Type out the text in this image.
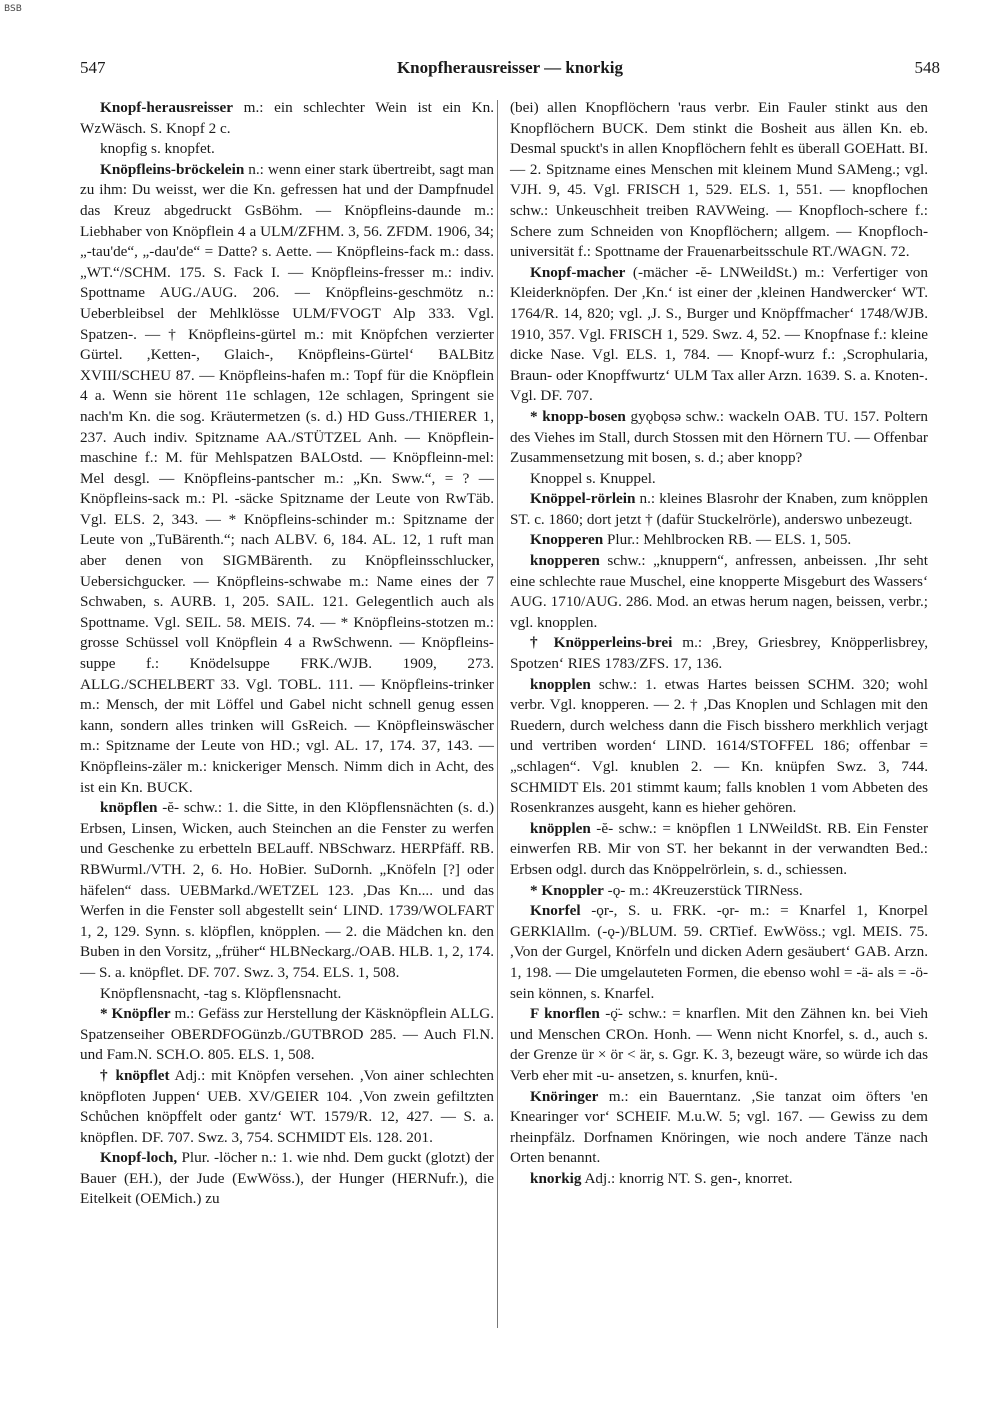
BSB
547	Knopfherausreisser — knorkig	548

Knopf-herausreisser m.: ein schlechter Wein ist ein Kn. WzWäsch. S. Knopf 2 c.

knopfig s. knopfet.

Knöpfleins-bröckelein n.: wenn einer stark übertreibt, sagt man zu ihm: Du weisst, wer die Kn. gefressen hat und der Dampfnudel das Kreuz abgedruckt GsBöhm. — Knöpfleins-daunde m.: Liebhaber von Knöpflein 4 a ULM/ZFHM. 3, 56. ZFDM. 1906, 34; „-tau'de“, „-dau'de“ = Datte? s. Aette. — Knöpfleins-fack m.: dass. „WT.“/SCHM. 175. S. Fack I. — Knöpfleins-fresser m.: indiv. Spottname AUG./AUG. 206. — Knöpfleins-geschmötz n.: Ueberbleibsel der Mehlklösse ULM/FVOGT Alp 333. Vgl. Spatzen-. — † Knöpfleins-gürtel m.: mit Knöpfchen verzierter Gürtel. ,Ketten-, Glaich-, Knöpfleins-Gürtel‘ BALBitz XVIII/SCHEU 87. — Knöpfleins-hafen m.: Topf für die Knöpflein 4 a. Wenn sie hörent 11e schlagen, 12e schlagen, Springent sie nach'm Kn. die sog. Kräutermetzen (s. d.) HD Guss./THIERER 1, 237. Auch indiv. Spitzname AA./STÜTZEL Anh. — Knöpflein-maschine f.: M. für Mehlspatzen BALOstd. — Knöpfleinn-mel: Mel desgl. — Knöpfleins-pantscher m.: „Kn. Sww.“, = ? — Knöpfleins-sack m.: Pl. -säcke Spitzname der Leute von RwTäb. Vgl. ELS. 2, 343. — * Knöpfleins-schinder m.: Spitzname der Leute von „TuBärenth.“; nach ALBV. 6, 184. AL. 12, 1 ruft man aber denen von SIGMBärenth. zu Knöpfleinsschlucker, Uebersichgucker. — Knöpfleins-schwabe m.: Name eines der 7 Schwaben, s. AURB. 1, 205. SAIL. 121. Gelegentlich auch als Spottname. Vgl. SEIL. 58. MEIS. 74. — * Knöpfleins-stotzen m.: grosse Schüssel voll Knöpflein 4 a RwSchwenn. — Knöpfleins-suppe f.: Knödelsuppe FRK./WJB. 1909, 273. ALLG./SCHELBERT 33. Vgl. TOBL. 111. — Knöpfleins-trinker m.: Mensch, der mit Löffel und Gabel nicht schnell genug essen kann, sondern alles trinken will GsReich. — Knöpfleinswäscher m.: Spitzname der Leute von HD.; vgl. AL. 17, 174. 37, 143. — Knöpfleins-zäler m.: knickeriger Mensch. Nimm dich in Acht, des ist ein Kn. BUCK.

knöpflen -ĕ- schw.: 1. die Sitte, in den Klöpflensnächten (s. d.) Erbsen, Linsen, Wicken, auch Steinchen an die Fenster zu werfen und Geschenke zu erbetteln BELauff. NBSchwarz. HERPfäff. RB. RBWurml./VTH. 2, 6. Ho. HoBier. SuDornh. „Knöfeln [?] oder häfelen“ dass. UEBMarkd./WETZEL 123. ,Das Kn.... und das Werfen in die Fenster soll abgestellt sein‘ LIND. 1739/WOLFART 1, 2, 129. Synn. s. klöpflen, knöpplen. — 2. die Mädchen kn. den Buben in den Vorsitz, „früher“ HLBNeckarg./OAB. HLB. 1, 2, 174. — S. a. knöpflet. DF. 707. Swz. 3, 754. ELS. 1, 508.

Knöpflensnacht, -tag s. Klöpflensnacht.

* Knöpfler m.: Gefäss zur Herstellung der Käsknöpflein ALLG. Spatzenseiher OBERDFOGünzb./GUTBROD 285. — Auch Fl.N. und Fam.N. SCH.O. 805. ELS. 1, 508.

† knöpflet Adj.: mit Knöpfen versehen. ,Von ainer schlechten knöpfloten Juppen‘ UEB. XV/GEIER 104. ,Von zwein gefiltzten Schůchen knöpffelt oder gantz‘ WT. 1579/R. 12, 427. — S. a. knöpflen. DF. 707. Swz. 3, 754. SCHMIDT Els. 128. 201.

Knopf-loch, Plur. -löcher n.: 1. wie nhd. Dem guckt (glotzt) der Bauer (EH.), der Jude (EwWöss.), der Hunger (HERNufr.), die Eitelkeit (OEMich.) zu

(bei) allen Knopflöchern 'raus verbr. Ein Fauler stinkt aus den Knopflöchern BUCK. Dem stinkt die Bosheit aus ällen Kn. eb. Desmal spuckt's in allen Knopflöchern fehlt es überall GOEHatt. BI. — 2. Spitzname eines Menschen mit kleinem Mund SAMeng.; vgl. VJH. 9, 45. Vgl. FRISCH 1, 529. ELS. 1, 551. — knopflochen schw.: Unkeuschheit treiben RAVWeing. — Knopfloch-schere f.: Schere zum Schneiden von Knopflöchern; allgem. — Knopfloch-universität f.: Spottname der Frauenarbeitsschule RT./WAGN. 72.

Knopf-macher (-mächer -ĕ- LNWeildSt.) m.: Verfertiger von Kleiderknöpfen. Der ,Kn.‘ ist einer der ,kleinen Handwercker‘ WT. 1764/R. 14, 820; vgl. ,J. S., Burger und Knöpffmacher‘ 1748/WJB. 1910, 357. Vgl. FRISCH 1, 529. Swz. 4, 52. — Knopfnase f.: kleine dicke Nase. Vgl. ELS. 1, 784. — Knopf-wurz f.: ,Scrophularia, Braun- oder Knopffwurtz‘ ULM Tax aller Arzn. 1639. S. a. Knoten-. Vgl. DF. 707.

* knopp-bosen gyǫbǫsə schw.: wackeln OAB. TU. 157. Poltern des Viehes im Stall, durch Stossen mit den Hörnern TU. — Offenbar Zusammensetzung mit bosen, s. d.; aber knopp?

Knoppel s. Knuppel.

Knöppel-rörlein n.: kleines Blasrohr der Knaben, zum knöpplen ST. c. 1860; dort jetzt † (dafür Stuckelrörle), anderswo unbezeugt.

Knopperen Plur.: Mehlbrocken RB. — ELS. 1, 505.

knopperen schw.: „knuppern“, anfressen, anbeissen. ,Ihr seht eine schlechte raue Muschel, eine knopperte Misgeburt des Wassers‘ AUG. 1710/AUG. 286. Mod. an etwas herum nagen, beissen, verbr.; vgl. knopplen.

† Knöpperleins-brei m.: ,Brey, Griesbrey, Knöpperlisbrey, Spotzen‘ RIES 1783/ZFS. 17, 136.

knopplen schw.: 1. etwas Hartes beissen SCHM. 320; wohl verbr. Vgl. knopperen. — 2. † ,Das Knoplen und Schlagen mit den Ruedern, durch welchess dann die Fisch bisshero merkhlich verjagt und vertriben worden‘ LIND. 1614/STOFFEL 186; offenbar = „schlagen“. Vgl. knublen 2. — Kn. knüpfen Swz. 3, 744. SCHMIDT Els. 201 stimmt kaum; falls knoblen 1 vom Abbeten des Rosenkranzes ausgeht, kann es hieher gehören.

knöpplen -ĕ- schw.: = knöpflen 1 LNWeildSt. RB. Ein Fenster einwerfen RB. Mir von ST. her bekannt in der verwandten Bed.: Erbsen odgl. durch das Knöppelrörlein, s. d., schiessen.

* Knoppler -ǫ- m.: 4Kreuzerstück TIRNess.

Knorfel -ǫr-, S. u. FRK. -ǫr- m.: = Knarfel 1, Knorpel GERKlAllm. (-ǫ-)/BLUM. 59. CRTief. EwWöss.; vgl. MEIS. 75. ,Von der Gurgel, Knörfeln und dicken Adern gesäubert‘ GAB. Arzn. 1, 198. — Die umgelauteten Formen, die ebenso wohl = -ä- als = -ö- sein können, s. Knarfel.

F knorflen -ǫ̈- schw.: = knarflen. Mit den Zähnen kn. bei Vieh und Menschen CROn. Honh. — Wenn nicht Knorfel, s. d., auch s. der Grenze ür × ör < är, s. Ggr. K. 3, bezeugt wäre, so würde ich das Verb eher mit -u- ansetzen, s. knurfen, knü-.

Knöringer m.: ein Bauerntanz. ,Sie tanzat oim öfters 'en Knearinger vor‘ SCHEIF. M.u.W. 5; vgl. 167. — Gewiss zu dem rheinpfälz. Dorfnamen Knöringen, wie noch andere Tänze nach Orten benannt.

knorkig Adj.: knorrig NT. S. gen-, knorret.
